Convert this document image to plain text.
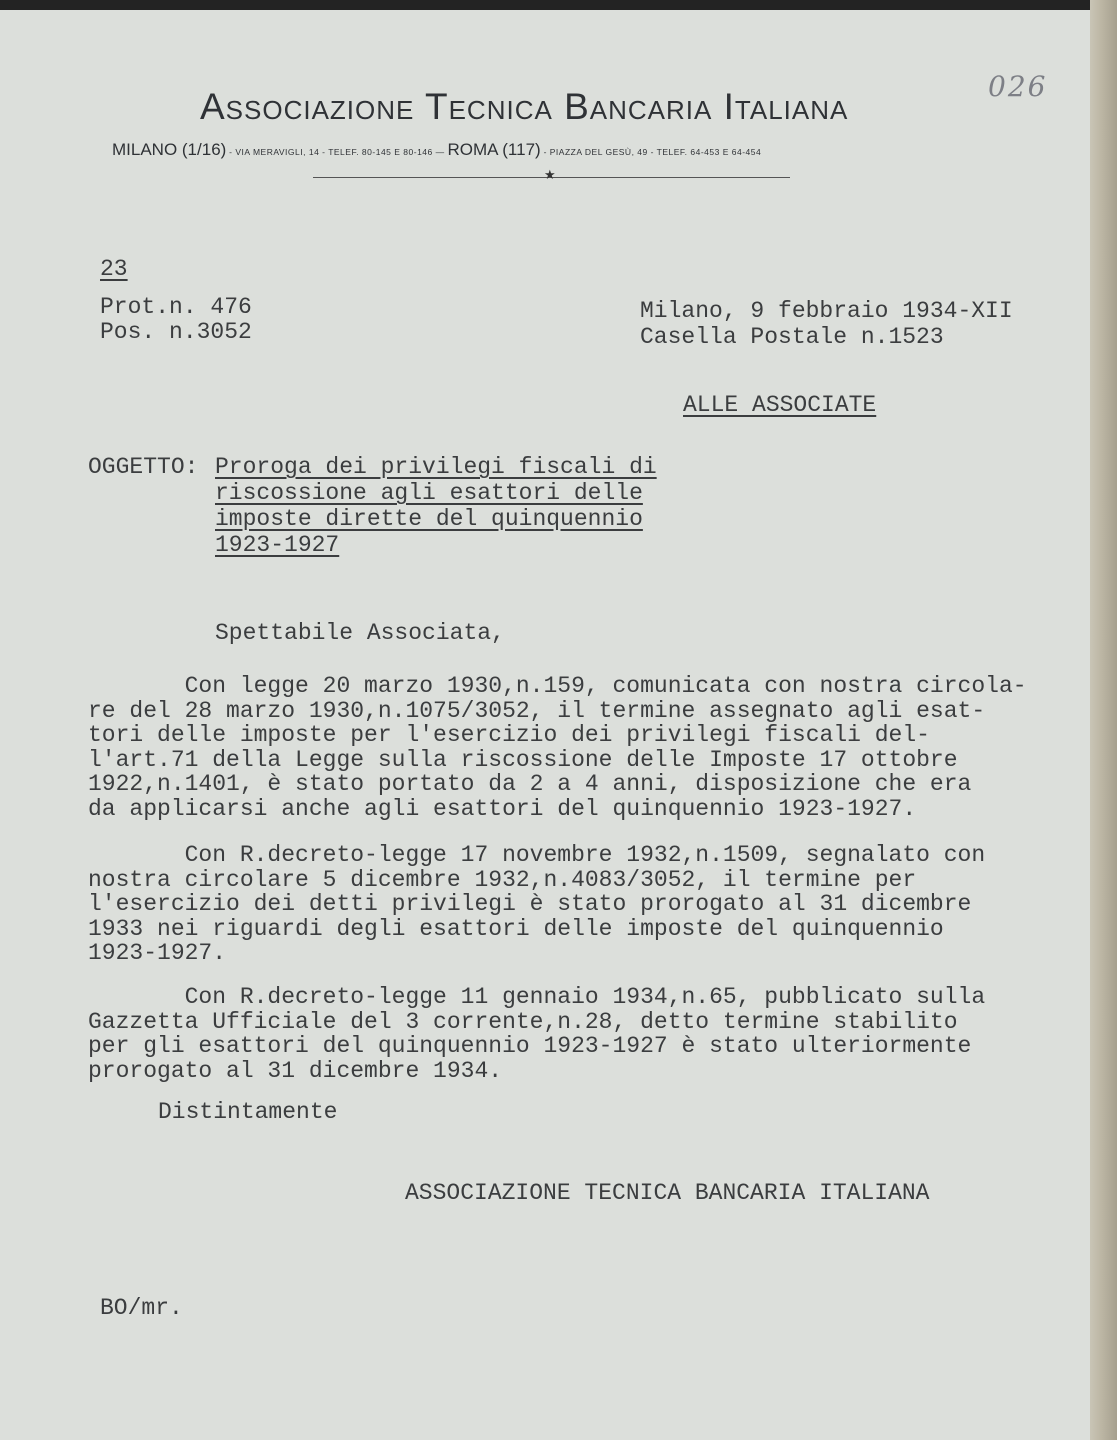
026
Associazione Tecnica Bancaria Italiana
MILANO (1/16) - VIA MERAVIGLI, 14 - TELEF. 80-145 E 80-146 — ROMA (117) - PIAZZA DEL GESÙ, 49 - TELEF. 64-453 E 64-454
★
23
Prot.n. 476
Pos. n.3052
Milano, 9 febbraio 1934-XII
Casella Postale n.1523
ALLE ASSOCIATE
OGGETTO: Proroga dei privilegi fiscali di
riscossione agli esattori delle
imposte dirette del quinquennio
1923-1927
Spettabile Associata,
Con legge 20 marzo 1930,n.159, comunicata con nostra circola-
re del 28 marzo 1930,n.1075/3052, il termine assegnato agli esat-
tori delle imposte per l'esercizio dei privilegi fiscali del-
l'art.71 della Legge sulla riscossione delle Imposte 17 ottobre
1922,n.1401, è stato portato da 2 a 4 anni, disposizione che era
da applicarsi anche agli esattori del quinquennio 1923-1927.
Con R.decreto-legge 17 novembre 1932,n.1509, segnalato con
nostra circolare 5 dicembre 1932,n.4083/3052, il termine per
l'esercizio dei detti privilegi è stato prorogato al 31 dicembre
1933 nei riguardi degli esattori delle imposte del quinquennio
1923-1927.
Con R.decreto-legge 11 gennaio 1934,n.65, pubblicato sulla
Gazzetta Ufficiale del 3 corrente,n.28, detto termine stabilito
per gli esattori del quinquennio 1923-1927 è stato ulteriormente
prorogato al 31 dicembre 1934.
Distintamente
ASSOCIAZIONE TECNICA BANCARIA ITALIANA
BO/mr.
